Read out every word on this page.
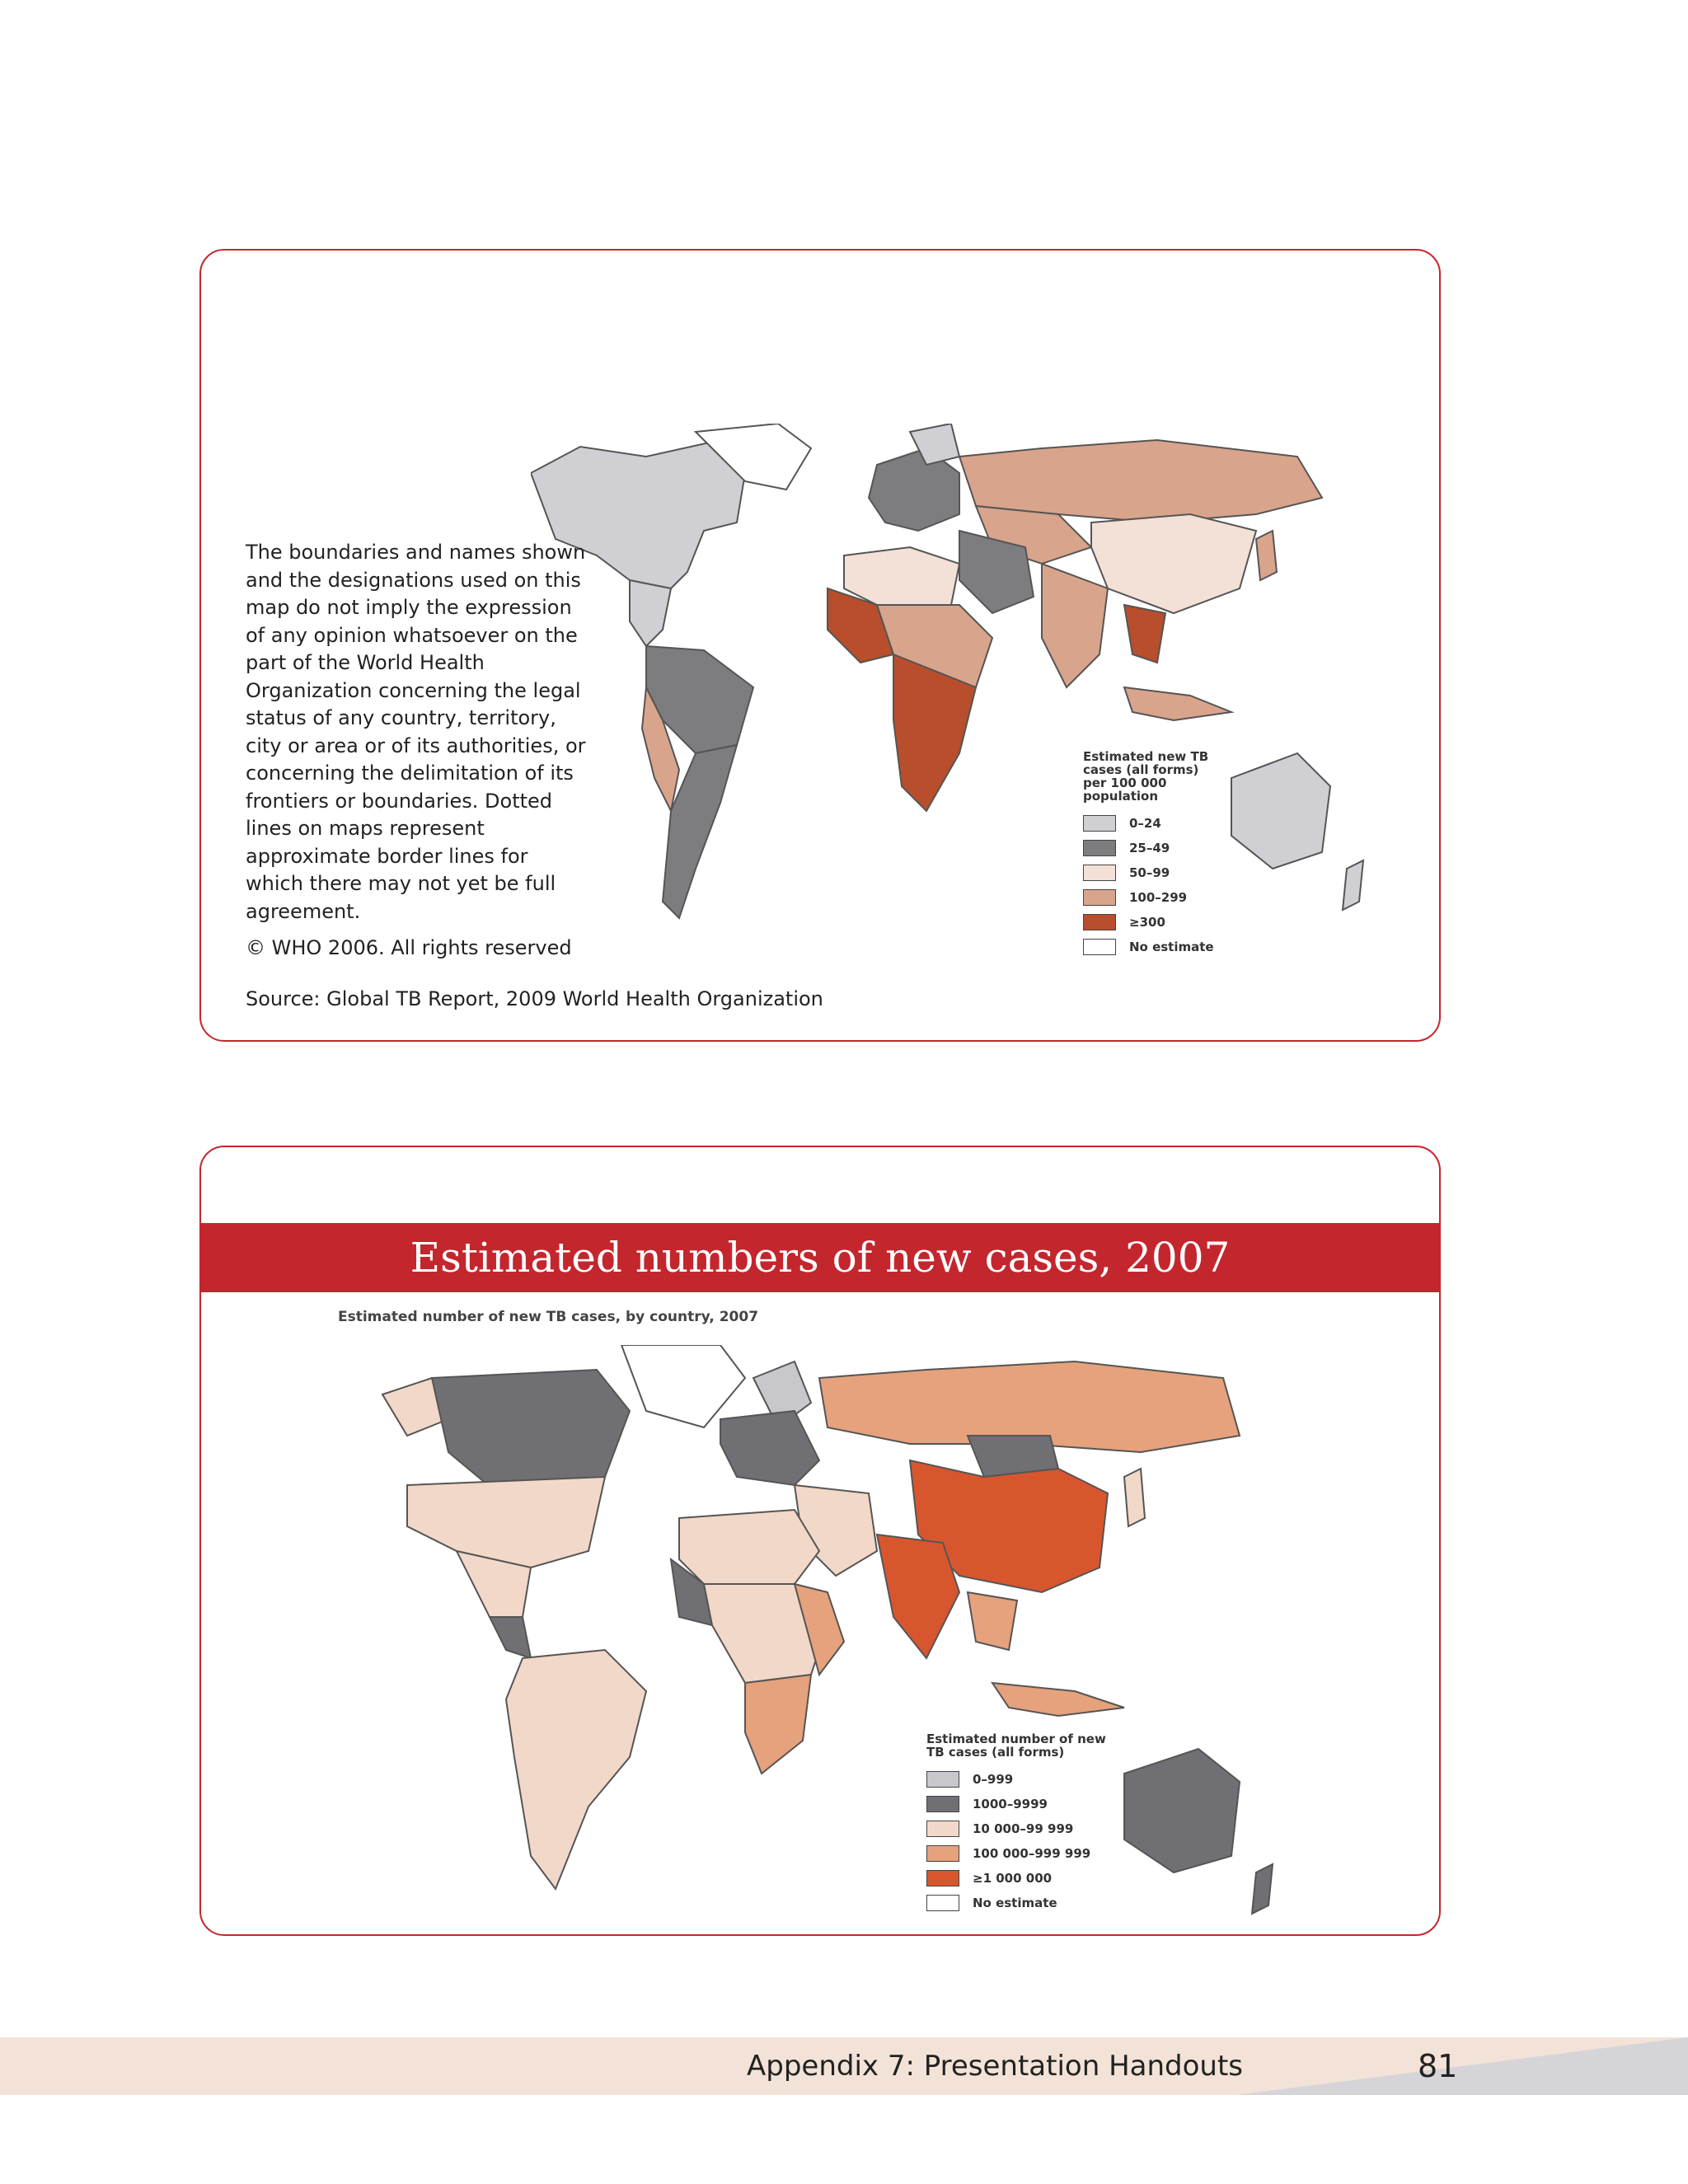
The boundaries and names shown and the designations used on this map do not imply the expression of any opinion whatsoever on the part of the World Health Organization concerning the legal status of any country, territory, city or area or of its authorities, or concerning the delimitation of its frontiers or boundaries. Dotted lines on maps represent approximate border lines for which there may not yet be full agreement.

© WHO 2006. All rights reserved

Source: Global TB Report, 2009 World Health Organization

Estimated new TB cases (all forms) per 100 000 population
0–24
25–49
50–99
100–299
≥300
No estimate
Estimated numbers of new cases, 2007
Estimated number of new TB cases, by country, 2007
Estimated number of new TB cases (all forms)
0–999
1000–9999
10 000–99 999
100 000–999 999
≥1 000 000
No estimate
Appendix 7: Presentation Handouts	81
